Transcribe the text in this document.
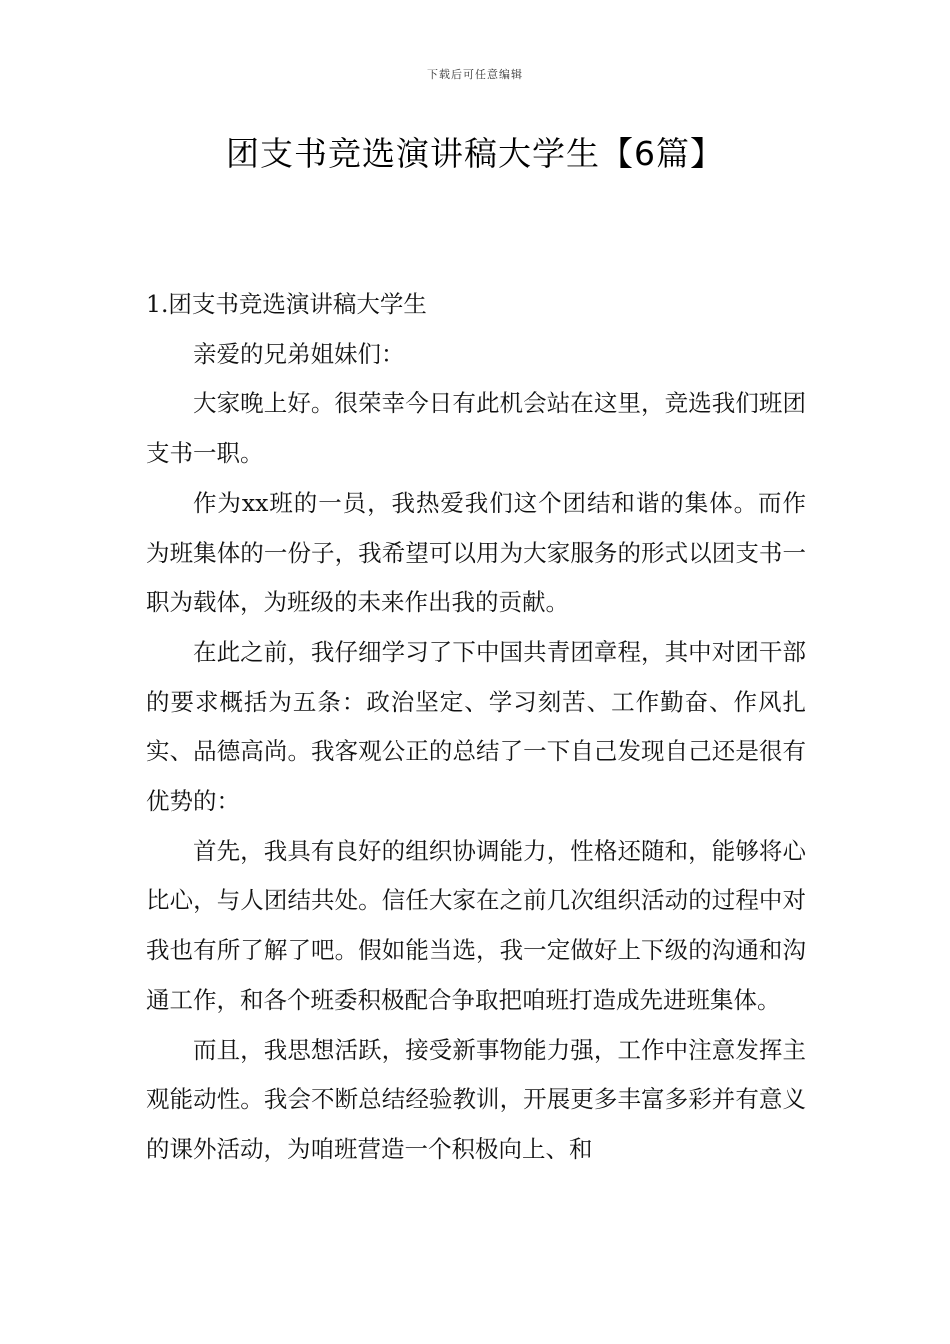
下载后可任意编辑
团支书竞选演讲稿大学生【6篇】

1.团支书竞选演讲稿大学生

亲爱的兄弟姐妹们：

大家晚上好。很荣幸今日有此机会站在这里，竞选我们班团支书一职。

作为xx班的一员，我热爱我们这个团结和谐的集体。而作为班集体的一份子，我希望可以用为大家服务的形式以团支书一职为载体，为班级的未来作出我的贡献。

在此之前，我仔细学习了下中国共青团章程，其中对团干部的要求概括为五条：政治坚定、学习刻苦、工作勤奋、作风扎实、品德高尚。我客观公正的总结了一下自己发现自己还是很有优势的：

首先，我具有良好的组织协调能力，性格还随和，能够将心比心，与人团结共处。信任大家在之前几次组织活动的过程中对我也有所了解了吧。假如能当选，我一定做好上下级的沟通和沟通工作，和各个班委积极配合争取把咱班打造成先进班集体。

而且，我思想活跃，接受新事物能力强，工作中注意发挥主观能动性。我会不断总结经验教训，开展更多丰富多彩并有意义的课外活动，为咱班营造一个积极向上、和
